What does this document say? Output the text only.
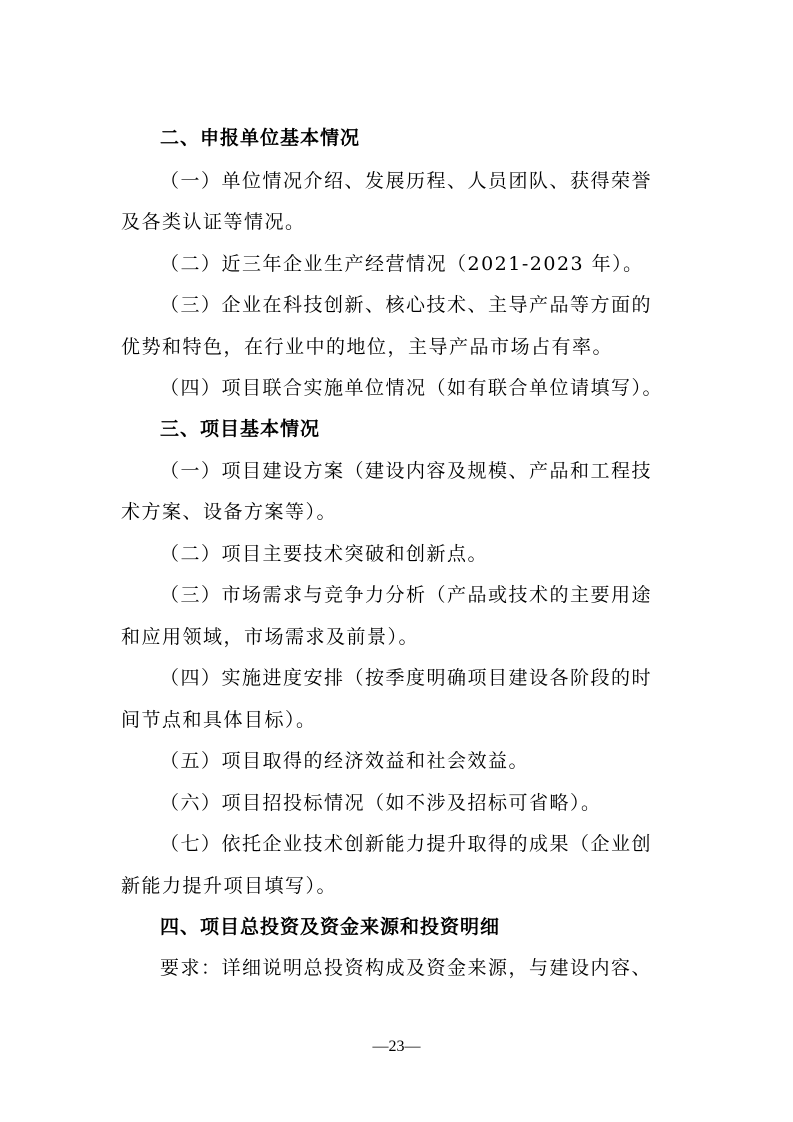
二、申报单位基本情况
（一）单位情况介绍、发展历程、人员团队、获得荣誉
及各类认证等情况。
（二）近三年企业生产经营情况（2021-2023 年）。
（三）企业在科技创新、核心技术、主导产品等方面的
优势和特色，在行业中的地位，主导产品市场占有率。
（四）项目联合实施单位情况（如有联合单位请填写）。
三、项目基本情况
（一）项目建设方案（建设内容及规模、产品和工程技
术方案、设备方案等）。
（二）项目主要技术突破和创新点。
（三）市场需求与竞争力分析（产品或技术的主要用途
和应用领域，市场需求及前景）。
（四）实施进度安排（按季度明确项目建设各阶段的时
间节点和具体目标）。
（五）项目取得的经济效益和社会效益。
（六）项目招投标情况（如不涉及招标可省略）。
（七）依托企业技术创新能力提升取得的成果（企业创
新能力提升项目填写）。
四、项目总投资及资金来源和投资明细
要求：详细说明总投资构成及资金来源，与建设内容、
—23—
